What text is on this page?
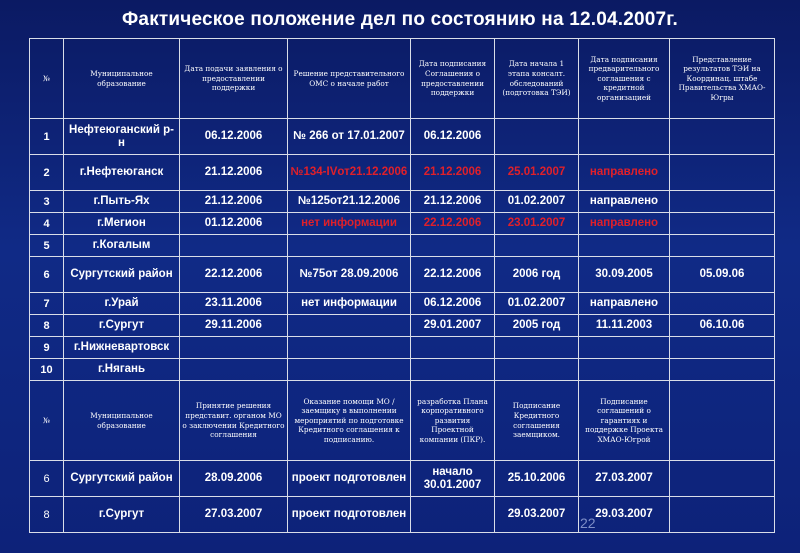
Фактическое положение дел по состоянию на 12.04.2007г.
№	Муниципальное образование	Дата подачи заявления о предоставлении поддержки	Решение представительного ОМС о начале работ	Дата подписания Соглашения о предоставлении поддержки	Дата начала 1 этапа консалт. обследований (подготовка ТЭИ)	Дата подписания предварительного соглашения с кредитной организацией	Представление результатов ТЭИ на Координац. штабе Правительства ХМАО-Югры
1	Нефтеюганский р-н	06.12.2006	№ 266 от 17.01.2007	06.12.2006			
2	г.Нефтеюганск	21.12.2006	№134-IVот21.12.2006	21.12.2006	25.01.2007	направлено	
3	г.Пыть-Ях	21.12.2006	№125от21.12.2006	21.12.2006	01.02.2007	направлено	
4	г.Мегион	01.12.2006	нет информации	22.12.2006	23.01.2007	направлено	
5	г.Когалым						
6	Сургутский район	22.12.2006	№75от 28.09.2006	22.12.2006	2006 год	30.09.2005	05.09.06
7	г.Урай	23.11.2006	нет информации	06.12.2006	01.02.2007	направлено	
8	г.Сургут	29.11.2006		29.01.2007	2005 год	11.11.2003	06.10.06
9	г.Нижневартовск						
10	г.Нягань						
№	Муниципальное образование	Принятие решения представит. органом МО о заключении Кредитного соглашения	Оказание помощи МО / заемщику в выполнении мероприятий по подготовке Кредитного соглашения к подписанию.	разработка Плана корпоративного развития Проектной компании (ПКР).	Подписание Кредитного соглашения заемщиком.	Подписание соглашений о гарантиях и поддержке Проекта ХМАО-Югрой	
6	Сургутский район	28.09.2006	проект подготовлен	начало 30.01.2007	25.10.2006	27.03.2007	
8	г.Сургут	27.03.2007	проект подготовлен		29.03.2007	29.03.2007	
22
